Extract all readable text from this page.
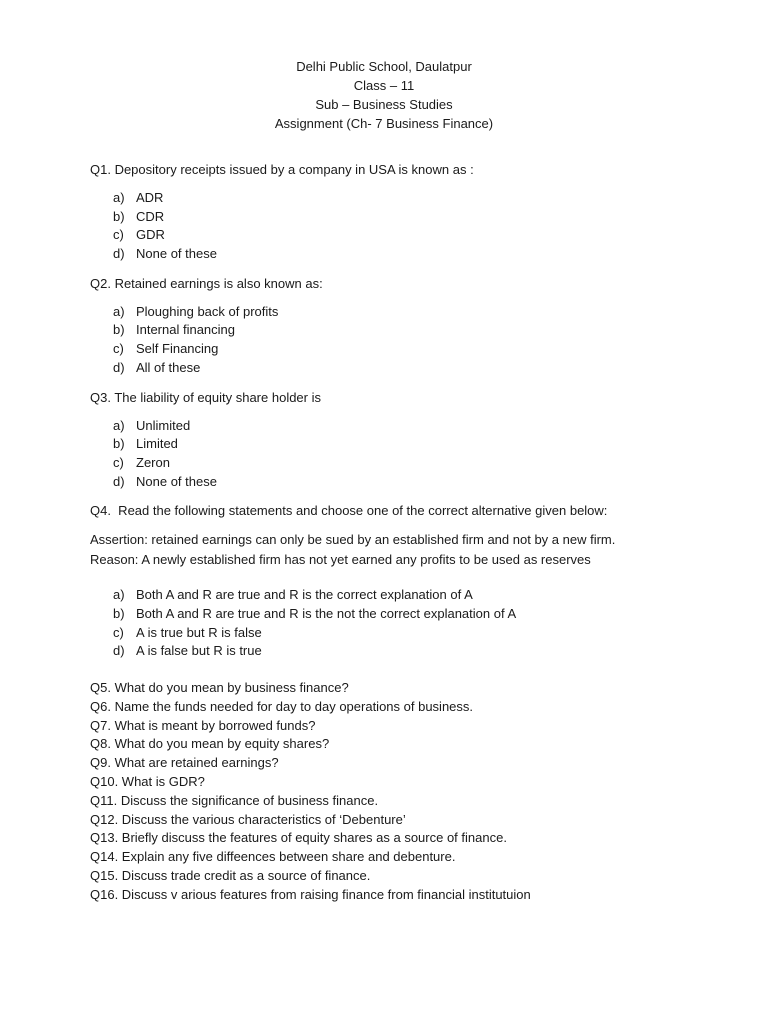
Delhi Public School, Daulatpur
Class – 11
Sub – Business Studies
Assignment (Ch- 7 Business Finance)
Q1. Depository receipts issued by a company in USA is known as :
a) ADR
b) CDR
c) GDR
d) None of these
Q2. Retained earnings is also known as:
a) Ploughing back of profits
b) Internal financing
c) Self Financing
d) All of these
Q3. The liability of equity share holder is
a) Unlimited
b) Limited
c) Zeron
d) None of these
Q4.  Read the following statements and choose one of the correct alternative given below:
Assertion: retained earnings can only be sued by an established firm and not by a new firm.
Reason: A newly established firm has not yet earned any profits to be used as reserves
a) Both A and R are true and R is the correct explanation of A
b) Both A and R are true and R is the not the correct explanation of A
c) A is true but R is false
d) A is false but R is true
Q5. What do you mean by business finance?
Q6. Name the funds needed for day to day operations of business.
Q7. What is meant by borrowed funds?
Q8. What do you mean by equity shares?
Q9. What are retained earnings?
Q10. What is GDR?
Q11. Discuss the significance of business finance.
Q12. Discuss the various characteristics of ‘Debenture’
Q13. Briefly discuss the features of equity shares as a source of finance.
Q14. Explain any five diffeences between share and debenture.
Q15. Discuss trade credit as a source of finance.
Q16. Discuss v arious features from raising finance from financial institutuion
